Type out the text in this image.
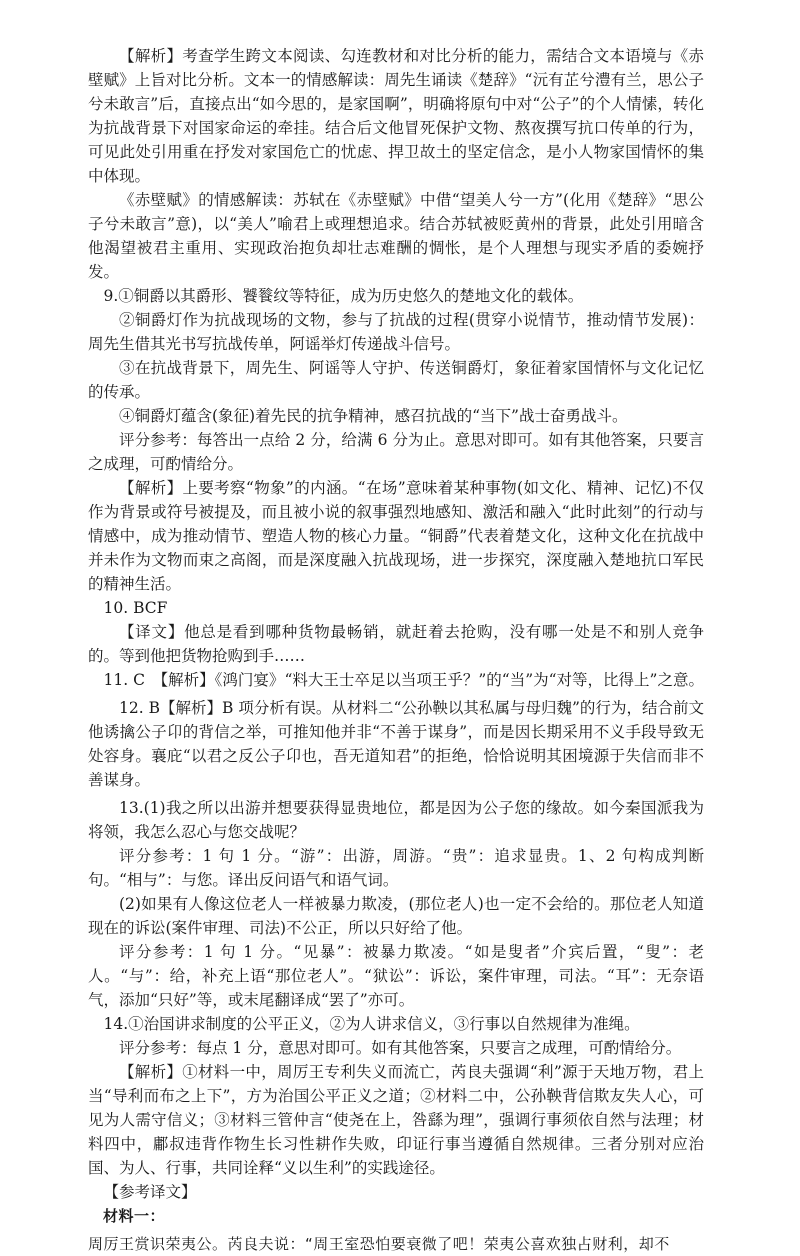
【解析】考查学生跨文本阅读、勾连教材和对比分析的能力，需结合文本语境与《赤壁赋》上旨对比分析。文本一的情感解读：周先生诵读《楚辞》“沅有芷兮澧有兰，思公子兮未敢言”后，直接点出“如今思的，是家国啊”，明确将原句中对“公子”的个人情愫，转化为抗战背景下对国家命运的牵挂。结合后文他冒死保护文物、熬夜撰写抗口传单的行为，可见此处引用重在抒发对家国危亡的忧虑、捍卫故土的坚定信念，是小人物家国情怀的集中体现。

《赤壁赋》的情感解读：苏轼在《赤壁赋》中借“望美人兮一方”(化用《楚辞》“思公子兮未敢言”意)，以“美人”喻君上或理想追求。结合苏轼被贬黄州的背景，此处引用暗含他渴望被君主重用、实现政治抱负却壮志难酬的惆怅，是个人理想与现实矛盾的委婉抒发。

9.①铜爵以其爵形、饕餮纹等特征，成为历史悠久的楚地文化的载体。

②铜爵灯作为抗战现场的文物，参与了抗战的过程(贯穿小说情节，推动情节发展)：周先生借其光书写抗战传单，阿谣举灯传递战斗信号。

③在抗战背景下，周先生、阿谣等人守护、传送铜爵灯，象征着家国情怀与文化记忆的传承。

④铜爵灯蕴含(象征)着先民的抗争精神，感召抗战的“当下”战士奋勇战斗。

评分参考：每答出一点给 2 分，给满 6 分为止。意思对即可。如有其他答案，只要言之成理，可酌情给分。

【解析】上要考察“物象”的内涵。“在场”意味着某种事物(如文化、精神、记忆)不仅作为背景或符号被提及，而且被小说的叙事强烈地感知、激活和融入“此时此刻”的行动与情感中，成为推动情节、塑造人物的核心力量。“铜爵”代表着楚文化，这种文化在抗战中并未作为文物而束之高阁，而是深度融入抗战现场，进一步探究，深度融入楚地抗口军民的精神生活。

10. BCF

【译文】他总是看到哪种货物最畅销，就赶着去抢购，没有哪一处是不和别人竞争的。等到他把货物抢购到手……

11. C　【解析】《鸿门宴》“料大王士卒足以当项王乎？”的“当”为“对等，比得上”之意。

12. B【解析】B 项分析有误。从材料二“公孙鞅以其私属与母归魏”的行为，结合前文他诱擒公子卬的背信之举，可推知他并非“不善于谋身”，而是因长期采用不义手段导致无处容身。襄庇“以君之反公子卬也，吾无道知君”的拒绝，恰恰说明其困境源于失信而非不善谋身。

13.(1)我之所以出游并想要获得显贵地位，都是因为公子您的缘故。如今秦国派我为将领，我怎么忍心与您交战呢？

评分参考：1 句 1 分。“游”：出游，周游。“贵”：追求显贵。1、2 句构成判断句。“相与”：与您。译出反问语气和语气词。

(2)如果有人像这位老人一样被暴力欺凌，(那位老人)也一定不会给的。那位老人知道现在的诉讼(案件审理、司法)不公正，所以只好给了他。

评分参考：1 句 1 分。“见暴”：被暴力欺凌。“如是叟者”介宾后置，“叟”：老人。“与”：给，补充上语“那位老人”。“狱讼”：诉讼，案件审理，司法。“耳”：无奈语气，添加“只好”等，或末尾翻译成“罢了”亦可。

14.①治国讲求制度的公平正义，②为人讲求信义，③行事以自然规律为准绳。

评分参考：每点 1 分，意思对即可。如有其他答案，只要言之成理，可酌情给分。

【解析】①材料一中，周厉王专利失义而流亡，芮良夫强调“利”源于天地万物，君上当“导利而布之上下”，方为治国公平正义之道；②材料二中，公孙鞅背信欺友失人心，可见为人需守信义；③材料三管仲言“使尧在上，咎繇为理”，强调行事须依自然与法理；材料四中，鄘叔违背作物生长习性耕作失败，印证行事当遵循自然规律。三者分别对应治国、为人、行事，共同诠释“义以生利”的实践途径。

【参考译文】

材料一：

周厉王赏识荣夷公。芮良夫说：“周王室恐怕要衰微了吧！荣夷公喜欢独占财利，却不
